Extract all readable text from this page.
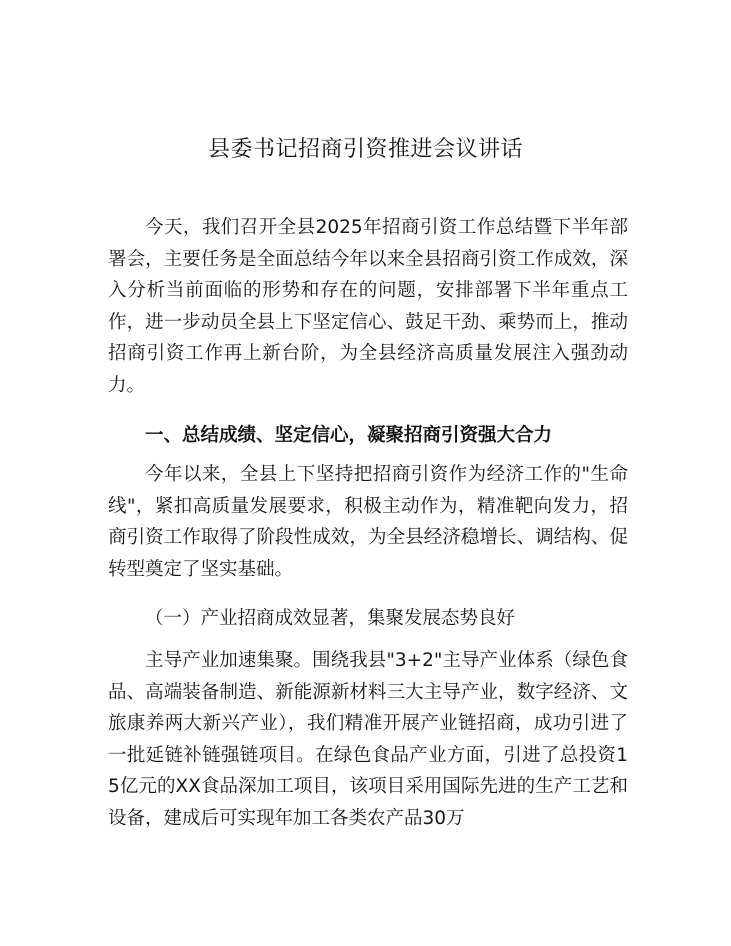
县委书记招商引资推进会议讲话

今天，我们召开全县2025年招商引资工作总结暨下半年部署会，主要任务是全面总结今年以来全县招商引资工作成效，深入分析当前面临的形势和存在的问题，安排部署下半年重点工作，进一步动员全县上下坚定信心、鼓足干劲、乘势而上，推动招商引资工作再上新台阶，为全县经济高质量发展注入强劲动力。

一、总结成绩、坚定信心，凝聚招商引资强大合力

今年以来，全县上下坚持把招商引资作为经济工作的"生命线"，紧扣高质量发展要求，积极主动作为，精准靶向发力，招商引资工作取得了阶段性成效，为全县经济稳增长、调结构、促转型奠定了坚实基础。

（一）产业招商成效显著，集聚发展态势良好

主导产业加速集聚。围绕我县"3+2"主导产业体系（绿色食品、高端装备制造、新能源新材料三大主导产业，数字经济、文旅康养两大新兴产业），我们精准开展产业链招商，成功引进了一批延链补链强链项目。在绿色食品产业方面，引进了总投资15亿元的XX食品深加工项目，该项目采用国际先进的生产工艺和设备，建成后可实现年加工各类农产品30万
